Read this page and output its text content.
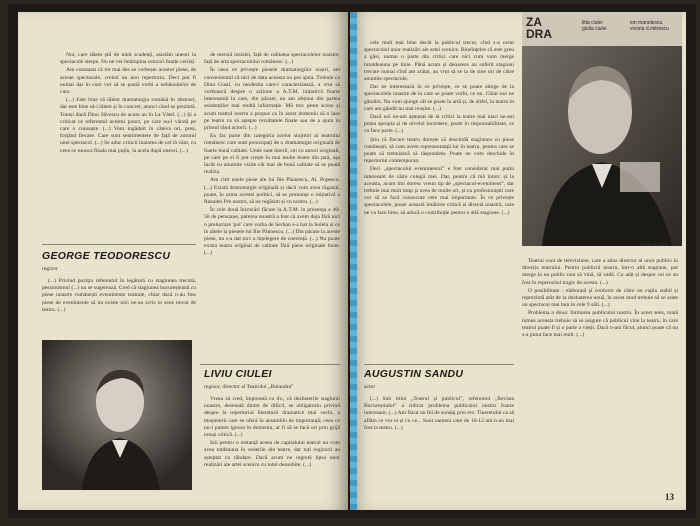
Noi, care tăiem știi de mult scadenți, asistăm uneori la spectacole sterpe. Nu ne vei întâmpina cenzori foarte cerinți.

Am constatat că tot mai des se vorbește acestor piese, de aceste spectacole, creind un nou repertoriu. Deci pot fi numai dar în cum vor să se poată vorbi a nebănuitelor de curs.

(...) Este bine să tăiem dramaturgia română în abstract, dar este bine să-i tăiem și în concret, atunci când se prezintă. Totuși dacă Dinu Săvescu de acum au în La Vâtel. (...) Și a criticat ce referentul acestui punct, pe care nu-l vârstă pe care o cunoaște. (...) Vom îngăduit în câteva ori, prea, forțând fiecare. Care sunt sentimentele de față de autorul unei spectacol. (...) Se aduc criticii înaintea de cel lă vânt, cu ceea ce munca finala mai puțin, la acela după uneori. (...)

de mersul insistei, față de calitatea spectacolelor noastre, față de arta spectacolului românesc. (...)

În ceea ce privește piesele dramaturgilor noștri, am convenientul că nici de data aceasta nu pot ajuta. Trebuie ca Dinu Gusti, cu modestia care-l caracterizează, a vrut să vorbească despre o acțiune a A.T.M. inițiativă foarte interesantă la care, din păcate, nu am obținut din partea asistenților mai multă informație. Mă trec peste scuze și acum teatrul nostru a propus ca în acest domeniu să o lase pe teatru ca să aștepte rezultatele finale sau de a ajuta în primul rând actorii. (...)

Eu fac parte din categoria acelor slujitori ai teatrului românesc care sunt preocupați de o dramaturgie originală de foarte bună calitate. Unde sunt tinerii, cei cu autori originali, pe care pe ei îi pot crește în mai multe teatre din țară, așa încât cu anumite vizite cât mai de bună calitate să se poată realiza.

Am citit unele piese ale lui Ilie Păunescu, Al. Popescu. (...) Există dramaturgie originală și dacă vom avea răgazul, poate, în urma acestei politici, să se pronunțe o inițiativă a Rasnitei Pre nostru, să ne regăsim și cu nostru. (...)

În cele două încercări făcute la A.T.M. în prezența a 40-50 de persoane, părerea noastră a fost că avem deja fără nici o prelucrare 'pui' care vorba de Serban s-a bat la Soleta și ce în altele la piesele lui Ilie Păunescu. (...) Din păcate la aceste piese, nu s-a dat nici o înțelegere de coerență. (...) Nu poate exista teatru original de calitate fără piese originale bune. (...)

GEORGE TEODORESCU
regizor

(...) Privind poziția referentul în legătură cu stagiunea trecută, pessimismul (...) nu se sugerează. Cred că stagiunea bucureșteană cu piese noastre românești evenimente teatrale, chiar dacă n-au fost piese de evenimente să nu existe nici ne-au scris in sens trecut de teatru. (...)

LIVIU CIULEI
regizor, director al Teatrului „Bulandra”

Vreau să cred, împreună cu dv., că dezbaterile stagiunii noastre, desenată dintre de dificil, se obligatoriu privind despre la repertoriul literaturii dramatice mai vechi, a moștenirii care se oferă în ansamblu de importanță; ceea ce nu-l putem ignora în domeniu, ar fi să se facă ori prin grijă totuși critică. (...)

Inii pentru o restanță aceea de capitalului teatral nu vom avea totdeauna în vederile din teatre, dar toți regizorii au așteptat cu răbdare. Dacă acum ne regretă lipsa unor realizări ale artei scenice cu totul deosebite, (...)

cele mult mai bine decât la publicul trecut, cînd s-a cerut spectacolul unor realizări ale artei scenice. Bineînțeles că este greu a găsi, numai o parte din critici care nici cum vom merge întotdeauna pe linie. Până acum și deoarece au suferit stagiuni trecute numai cînd am arătat, au vrut să se ia de sine ori de către anumite spectacole.

Dar ne interesează în ce privește, ce se poate atinge de la spectacolele noastre de la care se poate vorbi, ce nu. Chiar noi ne gândim. Nu vom ajunge cât se poate la artă și, de altfel, la teatru în care am gândit nu mai reușim. (...)

Dacă noi ne-am așteptat de la critici la teatre mai mari ne-am putea apropia și de nivelul încredere, poate în responsabilitate, ce va face parte. (...)

Știu că fiecare teatru dorește să deschidă stagiunea cu piese românești, să cum avem reprezentanții lor în teatru, pentru care se poate să trebuiască să răspundem. Poate ne vom deschide în repertoriul contemporan.

Deci „spectacolul evenimentul” e fost considerat mai puțin interesant de către colegii mei. Dar, pentru că mă întorc și la aceasta, acum îmi doresc vreun tip de „spectacol-eveniment”, dar trebuie mai mult timp și avea de multe ori, și cu profesioniștii care vor să se facă cunoscute cele mai importante. În ce privește spectacolele, poate această întâlnire critică și directă noastră, care ne va face bine, să aducă o contribuție pentru o altă stagiune. (...)

ZA
DRA
litta ciulei
giulia ciulei
ion manolescu
vicoria d.mitrescu
Liviu Ciulei

Teatrul cont de televiziune, care a adus director al unor publici în direcția teatrului. Pentru publicul nostru, într-o altă stagiune, pot merge la un public nou să vină, să vadă. Cu atât și despre cei ce au fost în repertoriul tragic de acesta. (...)

O posibilitate - elaborată și conform de către un cuplu stabil și reprezintă atât de la dezbaterea nouă, în acest mod trebuie să se arate un spectacol mai bun în cele 9 săli. (...)

Problema a doua: formarea publicului nostru. În acest sens, toată lumea aceasta trebuie să se asigure că publicul vine la teatru, în care teatrul poate fi și o parte a vieții. Dacă n-am făcut, atunci poate că nu s-a putut face mai mult. (...)

AUGUSTIN SANDU
actor

(...) Sub titlul „Teatrul și publicul”, referentul „Revista Bucureștiului” a ridicat problema publicului nostru foarte interesant. (...) Am făcut un fel de sondaj prin rev. Tineretului ca să aflăm ce vor ei și cu ce... Sunt oameni care de 10-12 ani n-au mai fost la teatru. (...)

13
